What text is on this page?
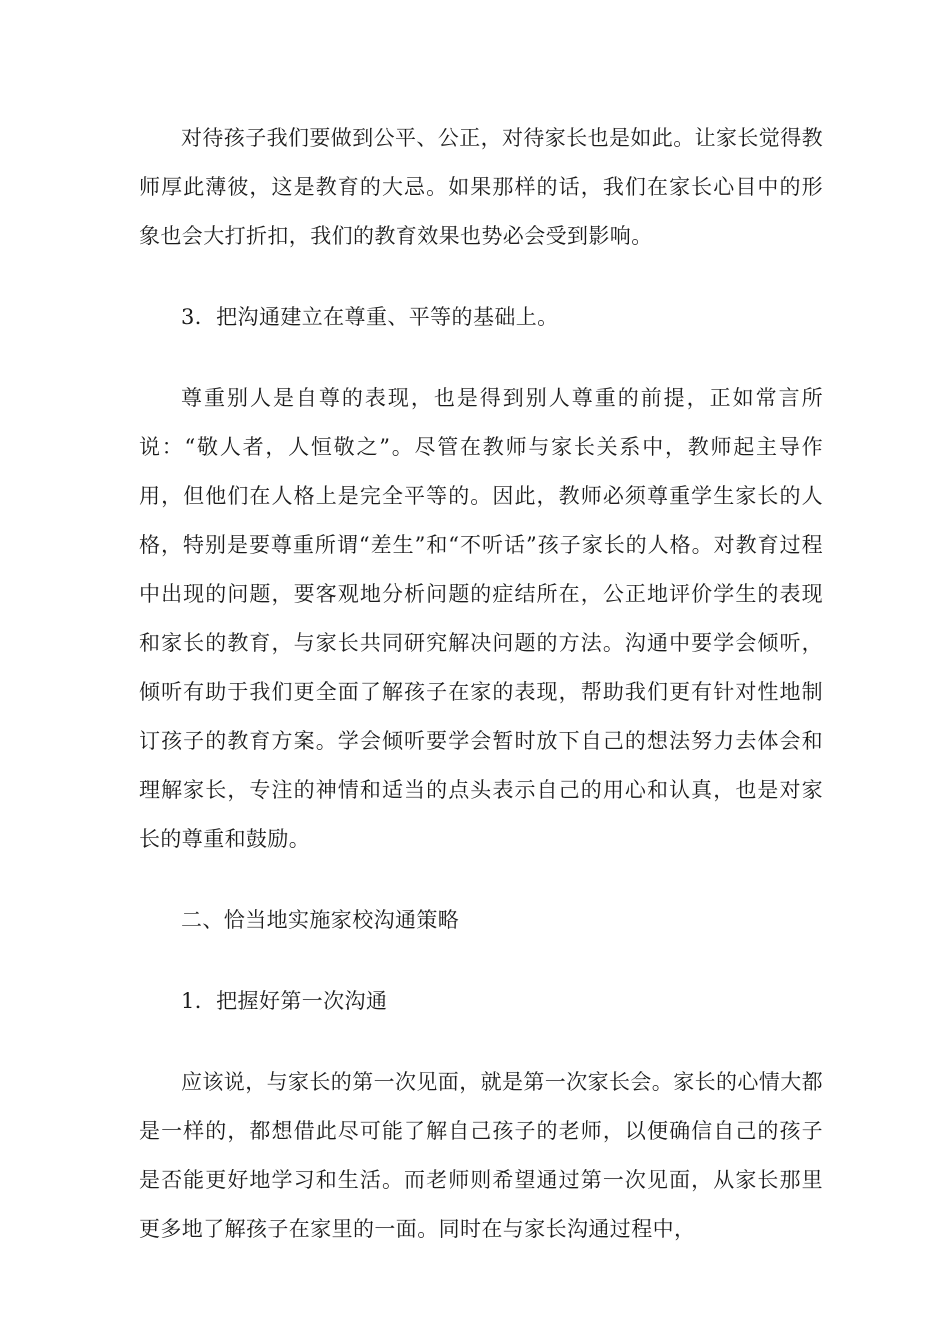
对待孩子我们要做到公平、公正，对待家长也是如此。让家长觉得教师厚此薄彼，这是教育的大忌。如果那样的话，我们在家长心目中的形象也会大打折扣，我们的教育效果也势必会受到影响。

3．把沟通建立在尊重、平等的基础上。

尊重别人是自尊的表现，也是得到别人尊重的前提，正如常言所说：“敬人者，人恒敬之”。尽管在教师与家长关系中，教师起主导作用，但他们在人格上是完全平等的。因此，教师必须尊重学生家长的人格，特别是要尊重所谓“差生”和“不听话”孩子家长的人格。对教育过程中出现的问题，要客观地分析问题的症结所在，公正地评价学生的表现和家长的教育，与家长共同研究解决问题的方法。沟通中要学会倾听，倾听有助于我们更全面了解孩子在家的表现，帮助我们更有针对性地制订孩子的教育方案。学会倾听要学会暂时放下自己的想法努力去体会和理解家长，专注的神情和适当的点头表示自己的用心和认真，也是对家长的尊重和鼓励。

二、恰当地实施家校沟通策略

1．把握好第一次沟通

应该说，与家长的第一次见面，就是第一次家长会。家长的心情大都是一样的，都想借此尽可能了解自己孩子的老师，以便确信自己的孩子是否能更好地学习和生活。而老师则希望通过第一次见面，从家长那里更多地了解孩子在家里的一面。同时在与家长沟通过程中，
